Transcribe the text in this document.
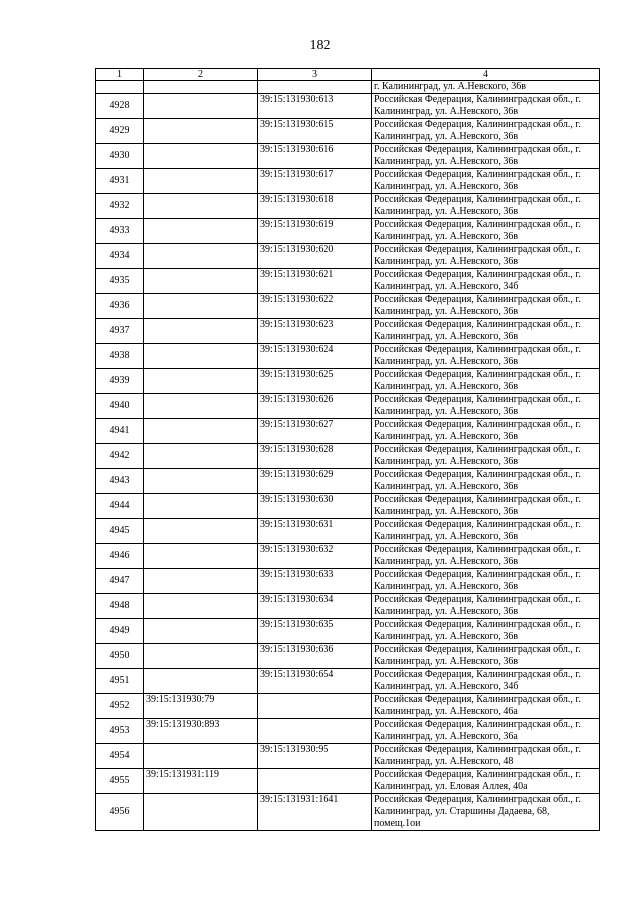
182
1	2	3	4
			г. Калининград, ул. А.Невского, 36в
4928		39:15:131930:613	Российская Федерация, Калининградская обл., г. Калининград, ул. А.Невского, 36в
4929		39:15:131930:615	Российская Федерация, Калининградская обл., г. Калининград, ул. А.Невского, 36в
4930		39:15:131930:616	Российская Федерация, Калининградская обл., г. Калининград, ул. А.Невского, 36в
4931		39:15:131930:617	Российская Федерация, Калининградская обл., г. Калининград, ул. А.Невского, 36в
4932		39:15:131930:618	Российская Федерация, Калининградская обл., г. Калининград, ул. А.Невского, 36в
4933		39:15:131930:619	Российская Федерация, Калининградская обл., г. Калининград, ул. А.Невского, 36в
4934		39:15:131930:620	Российская Федерация, Калининградская обл., г. Калининград, ул. А.Невского, 36в
4935		39:15:131930:621	Российская Федерация, Калининградская обл., г. Калининград, ул. А.Невского, 34б
4936		39:15:131930:622	Российская Федерация, Калининградская обл., г. Калининград, ул. А.Невского, 36в
4937		39:15:131930:623	Российская Федерация, Калининградская обл., г. Калининград, ул. А.Невского, 36в
4938		39:15:131930:624	Российская Федерация, Калининградская обл., г. Калининград, ул. А.Невского, 36в
4939		39:15:131930:625	Российская Федерация, Калининградская обл., г. Калининград, ул. А.Невского, 36в
4940		39:15:131930:626	Российская Федерация, Калининградская обл., г. Калининград, ул. А.Невского, 36в
4941		39:15:131930:627	Российская Федерация, Калининградская обл., г. Калининград, ул. А.Невского, 36в
4942		39:15:131930:628	Российская Федерация, Калининградская обл., г. Калининград, ул. А.Невского, 36в
4943		39:15:131930:629	Российская Федерация, Калининградская обл., г. Калининград, ул. А.Невского, 36в
4944		39:15:131930:630	Российская Федерация, Калининградская обл., г. Калининград, ул. А.Невского, 36в
4945		39:15:131930:631	Российская Федерация, Калининградская обл., г. Калининград, ул. А.Невского, 36в
4946		39:15:131930:632	Российская Федерация, Калининградская обл., г. Калининград, ул. А.Невского, 36в
4947		39:15:131930:633	Российская Федерация, Калининградская обл., г. Калининград, ул. А.Невского, 36в
4948		39:15:131930:634	Российская Федерация, Калининградская обл., г. Калининград, ул. А.Невского, 36в
4949		39:15:131930:635	Российская Федерация, Калининградская обл., г. Калининград, ул. А.Невского, 36в
4950		39:15:131930:636	Российская Федерация, Калининградская обл., г. Калининград, ул. А.Невского, 36в
4951		39:15:131930:654	Российская Федерация, Калининградская обл., г. Калининград, ул. А.Невского, 34б
4952	39:15:131930:79		Российская Федерация, Калининградская обл., г. Калининград, ул. А.Невского, 46а
4953	39:15:131930:893		Российская Федерация, Калининградская обл., г. Калининград, ул. А.Невского, 36а
4954		39:15:131930:95	Российская Федерация, Калининградская обл., г. Калининград, ул. А.Невского, 48
4955	39:15:131931:119		Российская Федерация, Калининградская обл., г. Калининград, ул. Еловая Аллея, 40а
4956		39:15:131931:1641	Российская Федерация, Калининградская обл., г. Калининград, ул. Старшины Дадаева, 68, помещ.1ои
